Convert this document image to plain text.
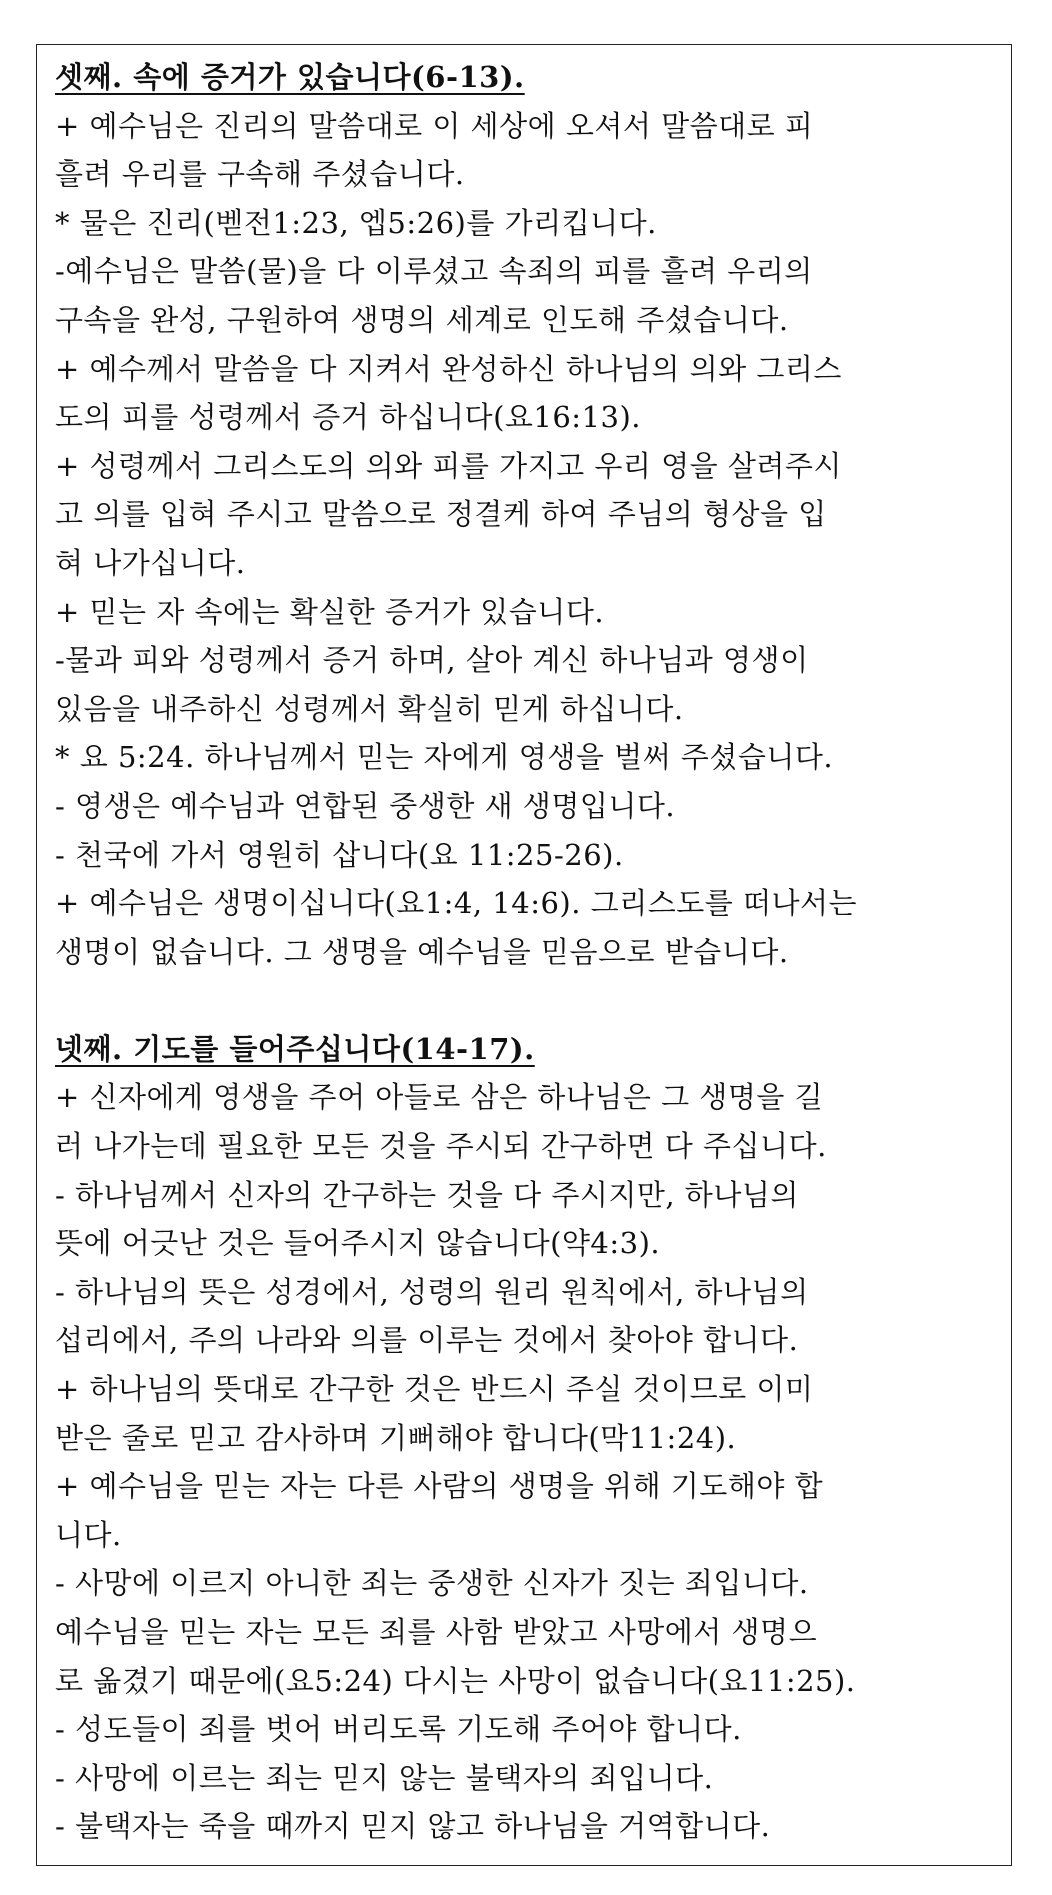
셋째. 속에 증거가 있습니다(6-13).
+ 예수님은 진리의 말씀대로 이 세상에 오셔서 말씀대로 피
흘려 우리를 구속해 주셨습니다.
* 물은 진리(벧전1:23, 엡5:26)를 가리킵니다.
-예수님은 말씀(물)을 다 이루셨고 속죄의 피를 흘려 우리의
구속을 완성, 구원하여 생명의 세계로 인도해 주셨습니다.
+ 예수께서 말씀을 다 지켜서 완성하신 하나님의 의와 그리스
도의 피를 성령께서 증거 하십니다(요16:13).
+ 성령께서 그리스도의 의와 피를 가지고 우리 영을 살려주시
고 의를 입혀 주시고 말씀으로 정결케 하여 주님의 형상을 입
혀 나가십니다.
+ 믿는 자 속에는 확실한 증거가 있습니다.
-물과 피와 성령께서 증거 하며, 살아 계신 하나님과 영생이
있음을 내주하신 성령께서 확실히 믿게 하십니다.
* 요 5:24. 하나님께서 믿는 자에게 영생을 벌써 주셨습니다.
- 영생은 예수님과 연합된 중생한 새 생명입니다.
- 천국에 가서 영원히 삽니다(요 11:25-26).
+ 예수님은 생명이십니다(요1:4, 14:6). 그리스도를 떠나서는
생명이 없습니다. 그 생명을 예수님을 믿음으로 받습니다.
넷째. 기도를 들어주십니다(14-17).
+ 신자에게 영생을 주어 아들로 삼은 하나님은 그 생명을 길
러 나가는데 필요한 모든 것을 주시되 간구하면 다 주십니다.
- 하나님께서 신자의 간구하는 것을 다 주시지만, 하나님의
뜻에 어긋난 것은 들어주시지 않습니다(약4:3).
- 하나님의 뜻은 성경에서, 성령의 원리 원칙에서, 하나님의
섭리에서, 주의 나라와 의를 이루는 것에서 찾아야 합니다.
+ 하나님의 뜻대로 간구한 것은 반드시 주실 것이므로 이미
받은 줄로 믿고 감사하며 기뻐해야 합니다(막11:24).
+ 예수님을 믿는 자는 다른 사람의 생명을 위해 기도해야 합
니다.
- 사망에 이르지 아니한 죄는 중생한 신자가 짓는 죄입니다.
예수님을 믿는 자는 모든 죄를 사함 받았고 사망에서 생명으
로 옮겼기 때문에(요5:24) 다시는 사망이 없습니다(요11:25).
- 성도들이 죄를 벗어 버리도록 기도해 주어야 합니다.
- 사망에 이르는 죄는 믿지 않는 불택자의 죄입니다.
- 불택자는 죽을 때까지 믿지 않고 하나님을 거역합니다.
